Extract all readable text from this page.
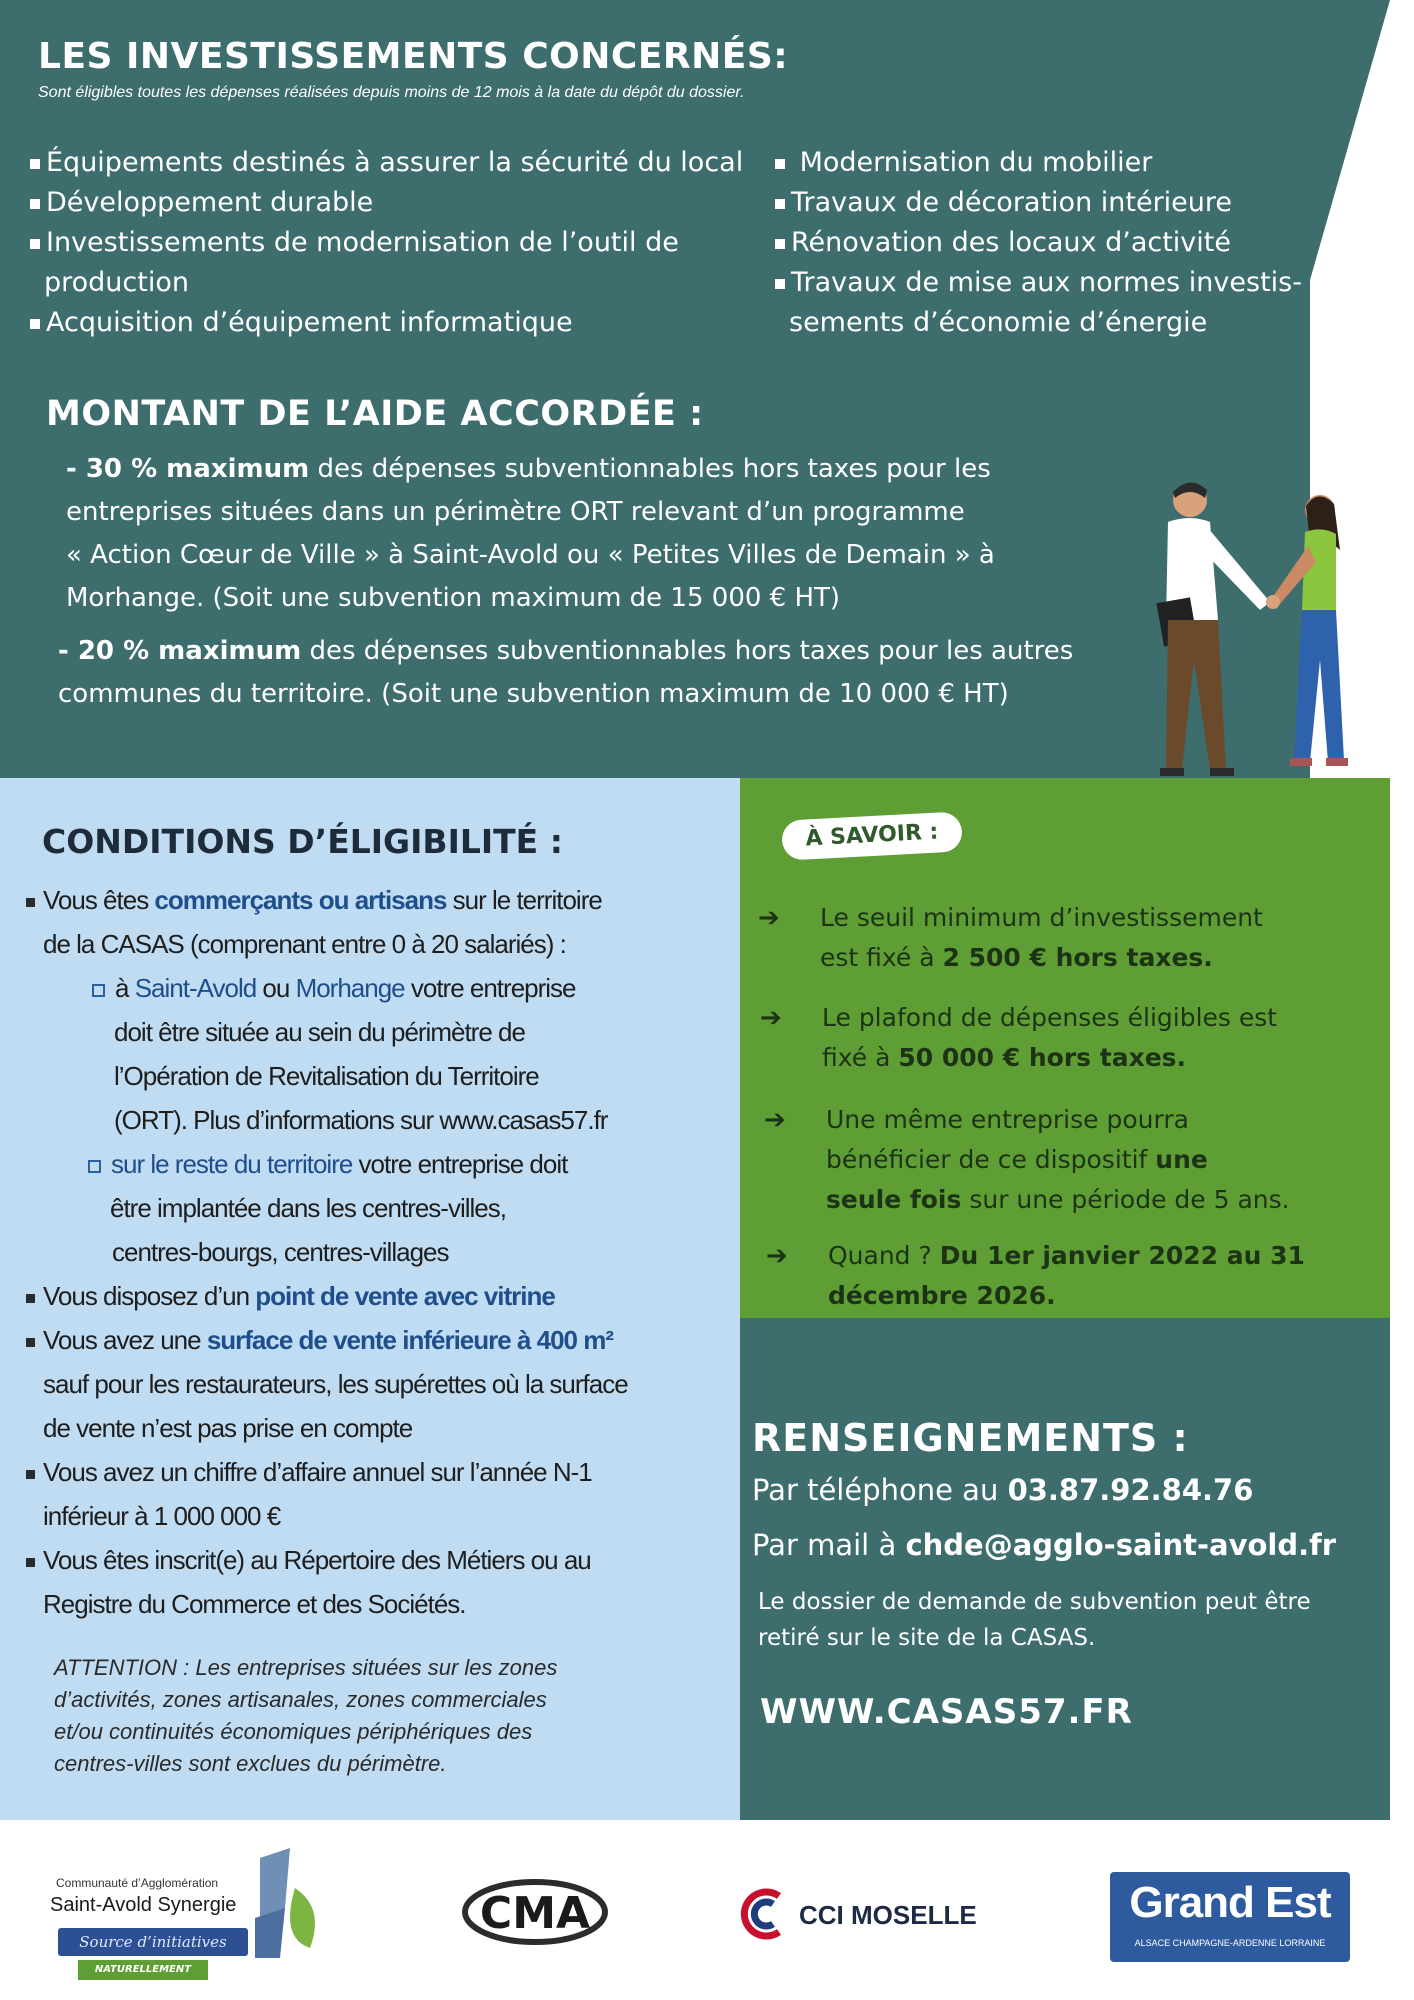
LES INVESTISSEMENTS CONCERNÉS:
Sont éligibles toutes les dépenses réalisées depuis moins de 12 mois à la date du dépôt du dossier.
Équipements destinés à assurer la sécurité du local
Développement durable
Investissements de modernisation de l’outil de
production
Acquisition d’équipement informatique
Modernisation du mobilier
Travaux de décoration intérieure
Rénovation des locaux d’activité
Travaux de mise aux normes investis-
sements d’économie d’énergie
MONTANT DE L’AIDE ACCORDÉE :
- 30 % maximum des dépenses subventionnables hors taxes pour les
entreprises situées dans un périmètre ORT relevant d’un programme
« Action Cœur de Ville » à Saint-Avold ou « Petites Villes de Demain » à
Morhange. (Soit une subvention maximum de 15 000 € HT)
- 20 % maximum des dépenses subventionnables hors taxes pour les autres
communes du territoire. (Soit une subvention maximum de 10 000 € HT)
CONDITIONS D’ÉLIGIBILITÉ :
Vous êtes commerçants ou artisans sur le territoire
de la CASAS (comprenant entre 0 à 20 salariés) :
à Saint-Avold ou Morhange votre entreprise
doit être située au sein du périmètre de
l’Opération de Revitalisation du Territoire
(ORT). Plus d’informations sur www.casas57.fr
sur le reste du territoire votre entreprise doit
être implantée dans les centres-villes,
centres-bourgs, centres-villages
Vous disposez d’un point de vente avec vitrine
Vous avez une surface de vente inférieure à 400 m²
sauf pour les restaurateurs, les supérettes où la surface
de vente n’est pas prise en compte
Vous avez un chiffre d’affaire annuel sur l’année N-1
inférieur à 1 000 000 €
Vous êtes inscrit(e) au Répertoire des Métiers ou au
Registre du Commerce et des Sociétés.
ATTENTION : Les entreprises situées sur les zones
d’activités, zones artisanales, zones commerciales
et/ou continuités économiques périphériques des
centres-villes sont exclues du périmètre.
À SAVOIR :
➔ Le seuil minimum d’investissement
est fixé à 2 500 € hors taxes.
➔ Le plafond de dépenses éligibles est
fixé à 50 000 € hors taxes.
➔ Une même entreprise pourra
bénéficier de ce dispositif une
seule fois sur une période de 5 ans.
➔ Quand ? Du 1er janvier 2022 au 31
décembre 2026.
RENSEIGNEMENTS :
Par téléphone au 03.87.92.84.76
Par mail à chde@agglo-saint-avold.fr
Le dossier de demande de subvention peut être
retiré sur le site de la CASAS.
WWW.CASAS57.FR
Communauté d’Agglomération
Saint-Avold Synergie
Source d’initiatives
NATURELLEMENT
CMA	CCI MOSELLE	Grand Est
ALSACE CHAMPAGNE-ARDENNE LORRAINE
